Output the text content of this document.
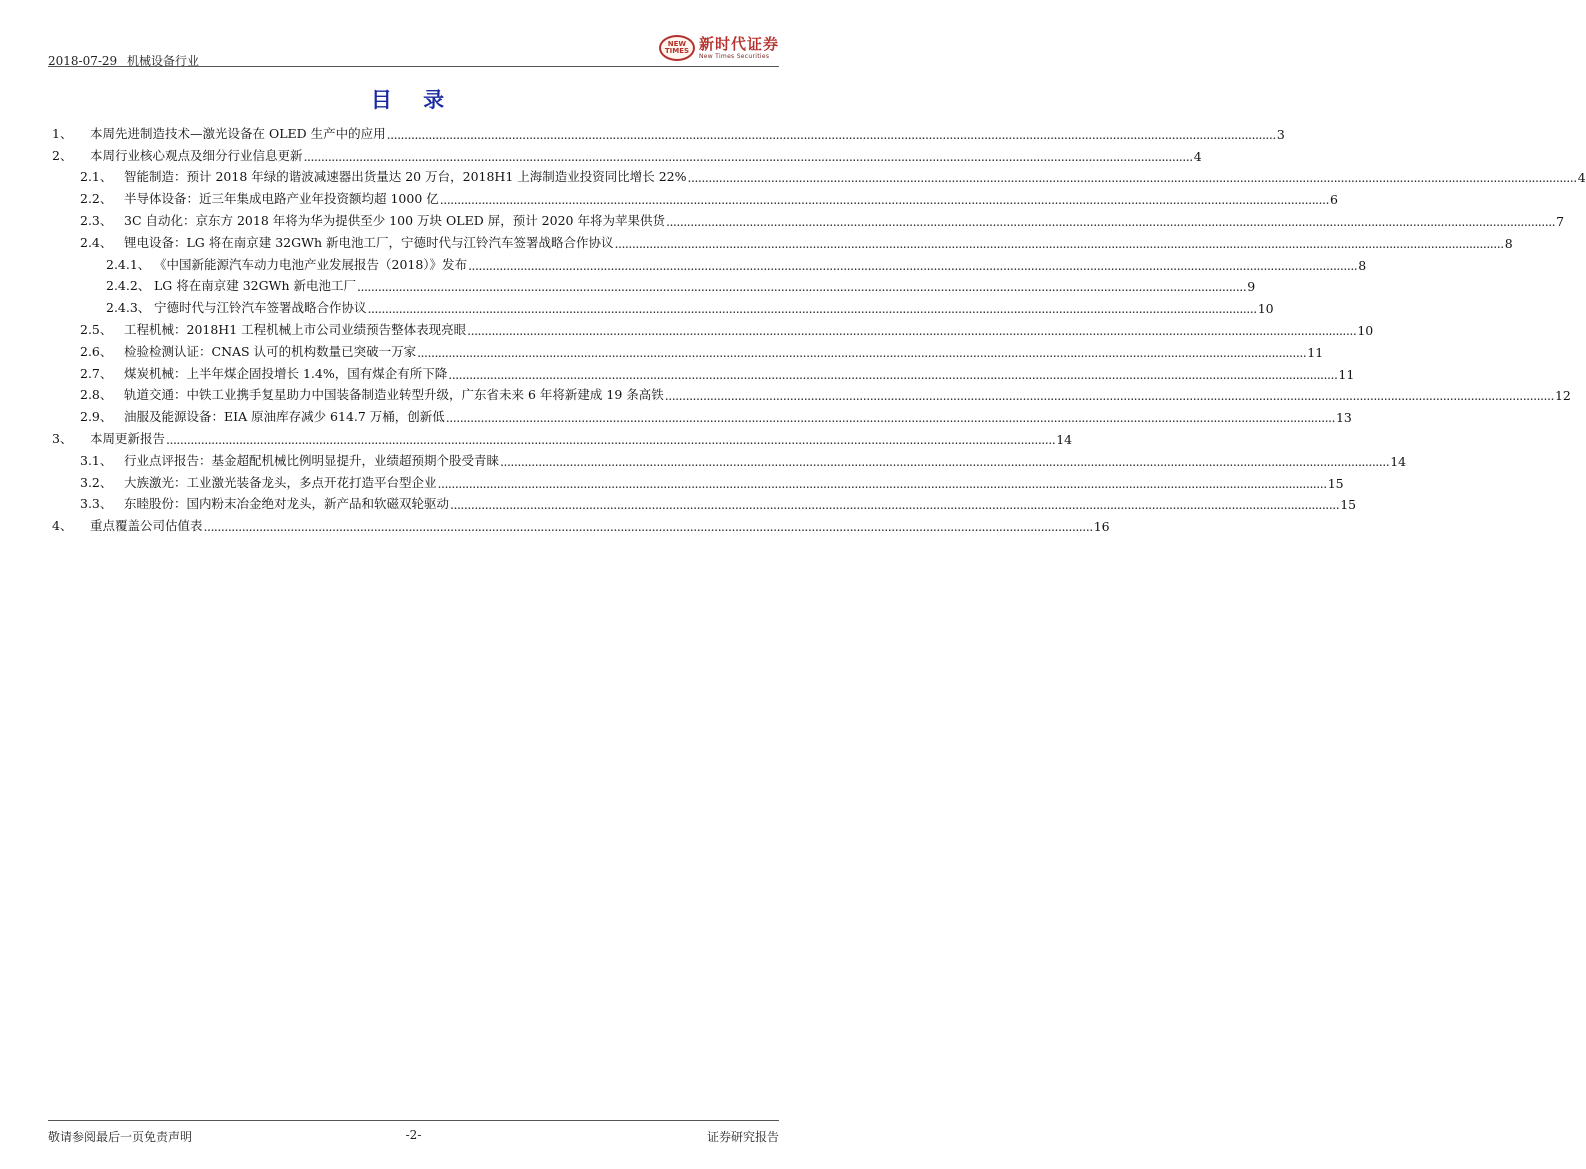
2018-07-29 机械设备行业
NEW TIMES 新时代证券
New Times Securities
目 录
1、	本周先进制造技术—激光设备在 OLED 生产中的应用 .....	3
2、	本周行业核心观点及细分行业信息更新 .....	4
2.1、 智能制造：预计 2018 年绿的谐波减速器出货量达 20 万台，2018H1 上海制造业投资同比增长 22% .....	4
2.2、 半导体设备：近三年集成电路产业年投资额均超 1000 亿 .....	6
2.3、 3C 自动化：京东方 2018 年将为华为提供至少 100 万块 OLED 屏，预计 2020 年将为苹果供货 .....	7
2.4、 锂电设备：LG 将在南京建 32GWh 新电池工厂，宁德时代与江铃汽车签署战略合作协议 .....	8
2.4.1、 《中国新能源汽车动力电池产业发展报告（2018）》发布 .....	8
2.4.2、 LG 将在南京建 32GWh 新电池工厂 .....	9
2.4.3、 宁德时代与江铃汽车签署战略合作协议 .....	10
2.5、 工程机械：2018H1 工程机械上市公司业绩预告整体表现亮眼 .....	10
2.6、 检验检测认证：CNAS 认可的机构数量已突破一万家 .....	11
2.7、 煤炭机械：上半年煤企固投增长 1.4%，国有煤企有所下降 .....	11
2.8、 轨道交通：中铁工业携手复星助力中国装备制造业转型升级，广东省未来 6 年将新建成 19 条高铁 .....	12
2.9、 油服及能源设备：EIA 原油库存减少 614.7 万桶，创新低 .....	13
3、	本周更新报告 .....	14
3.1、 行业点评报告：基金超配机械比例明显提升，业绩超预期个股受青睐 .....	14
3.2、 大族激光：工业激光装备龙头，多点开花打造平台型企业 .....	15
3.3、 东睦股份：国内粉末冶金绝对龙头，新产品和软磁双轮驱动 .....	15
4、	重点覆盖公司估值表 .....	16
敬请参阅最后一页免责声明	-2-	证券研究报告
